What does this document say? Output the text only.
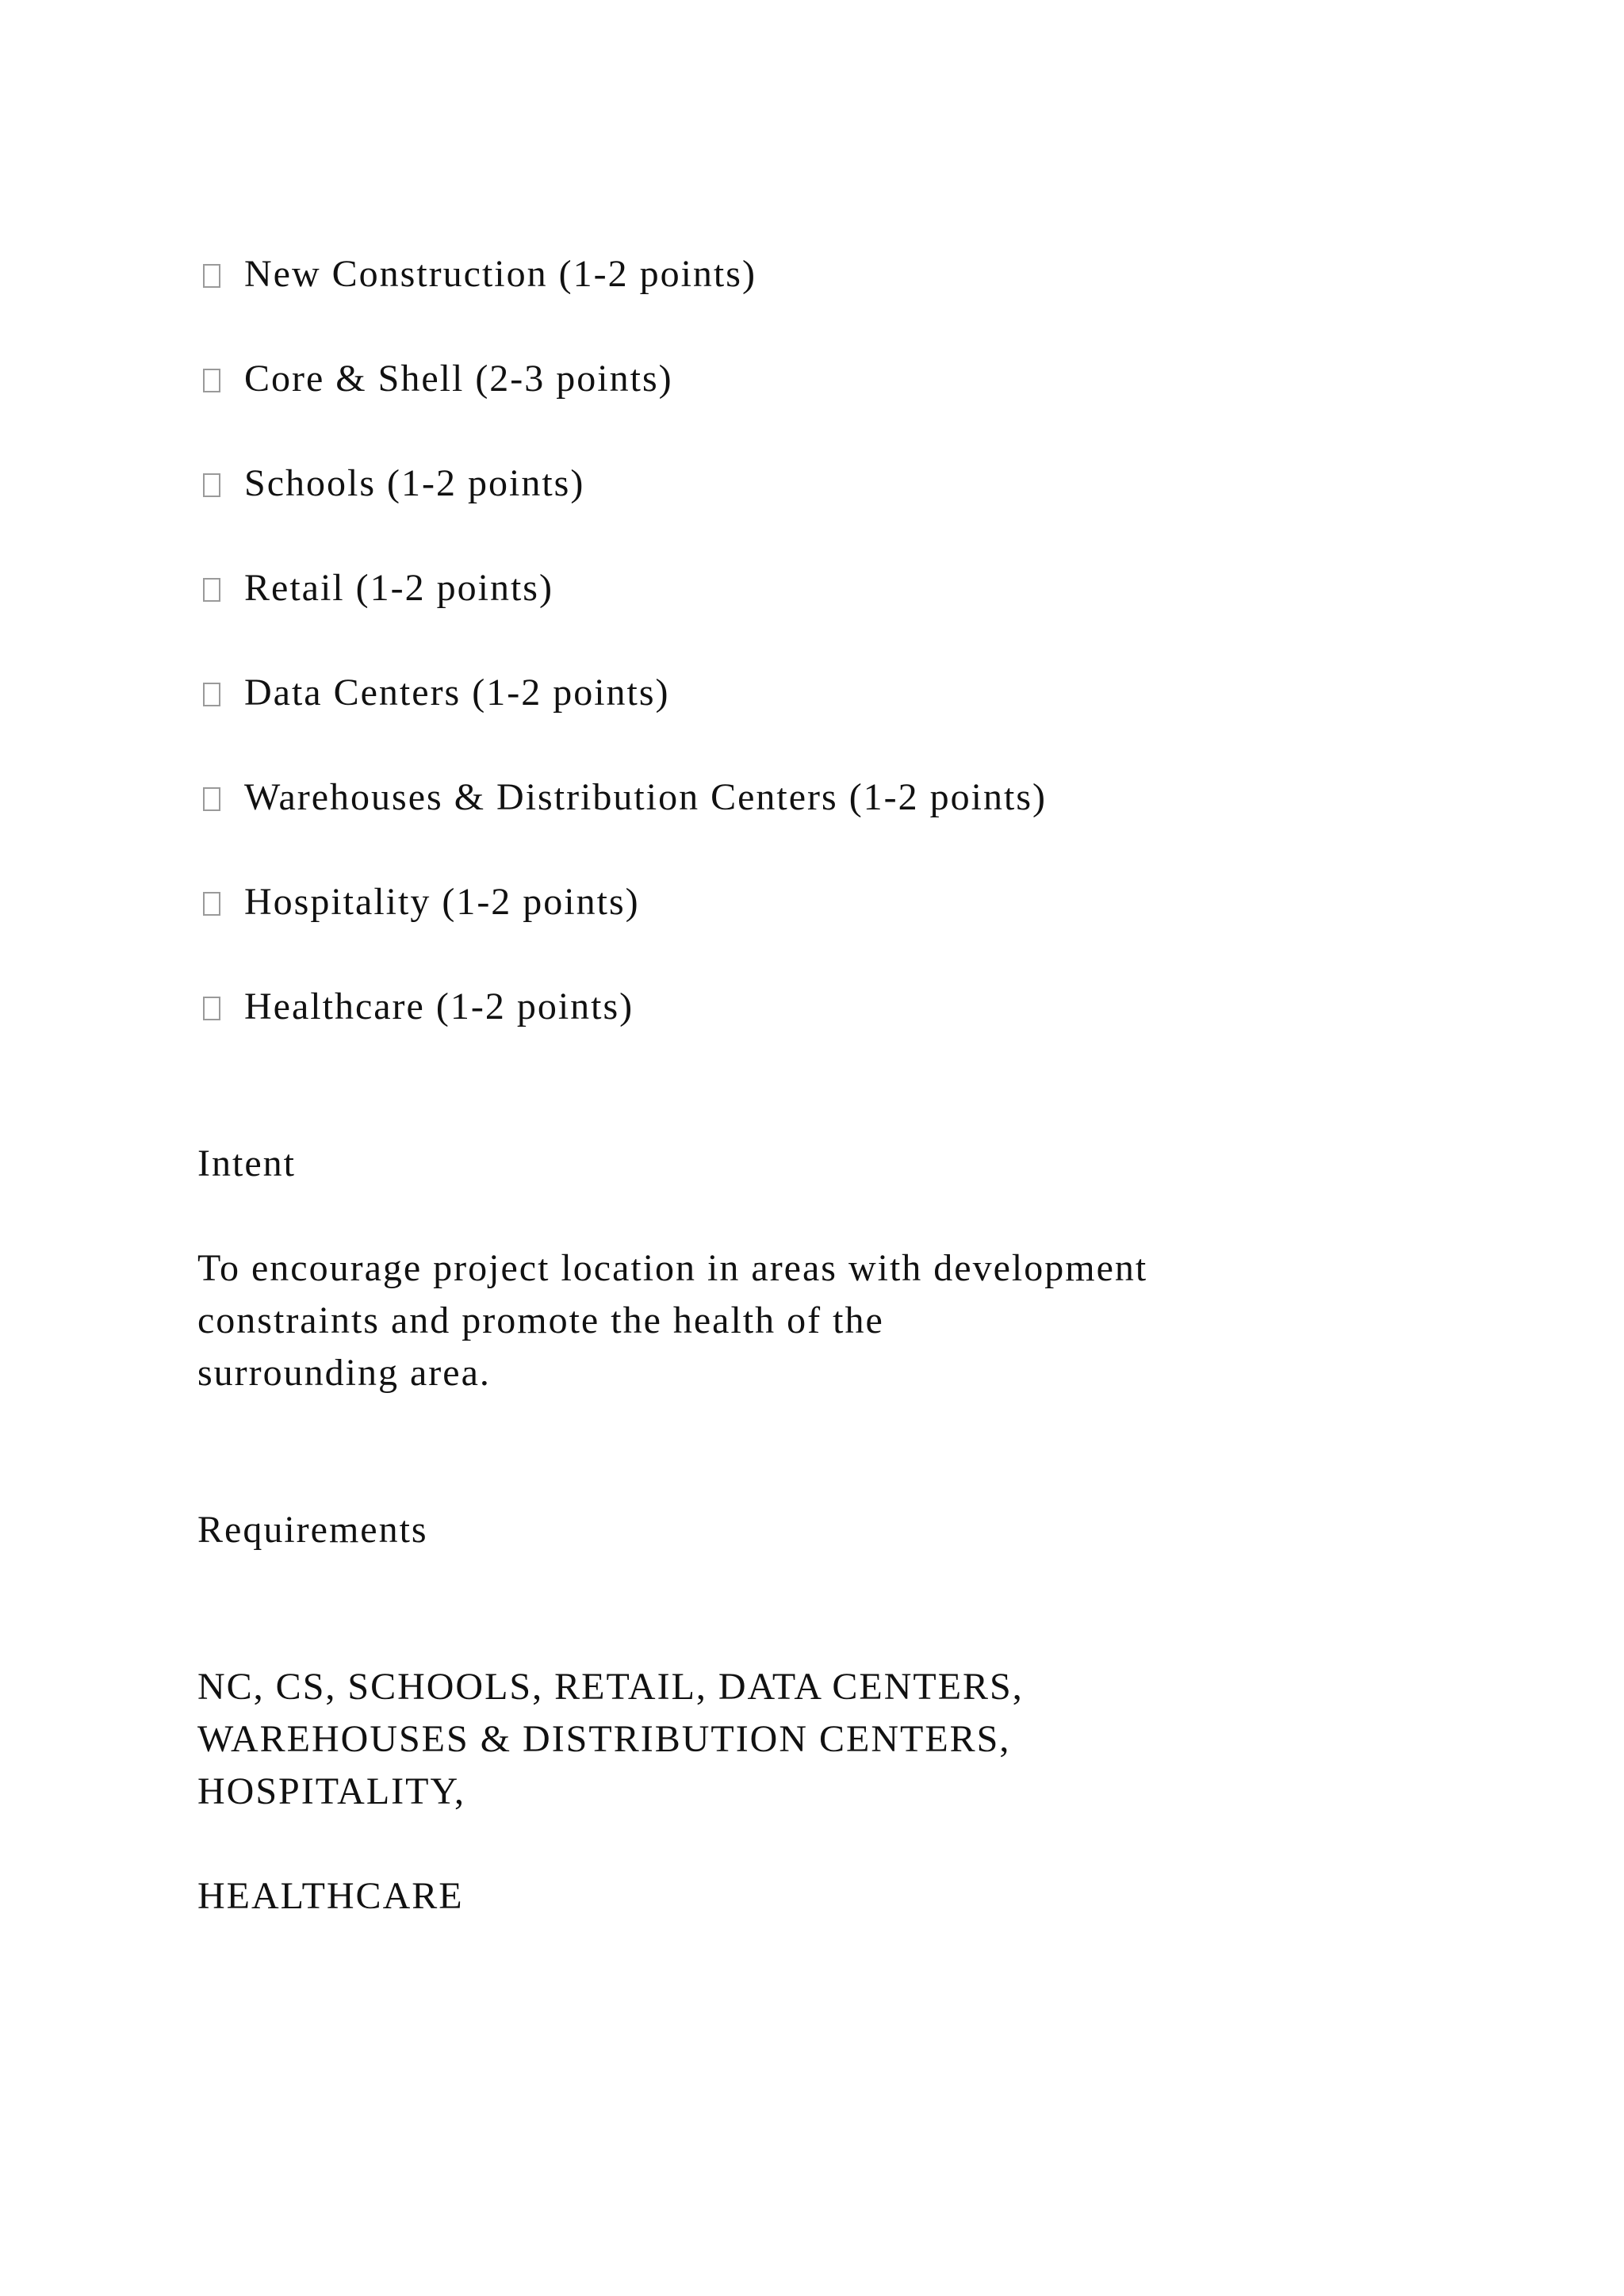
New Construction (1-2 points)
Core & Shell (2-3 points)
Schools (1-2 points)
Retail (1-2 points)
Data Centers (1-2 points)
Warehouses & Distribution Centers (1-2 points)
Hospitality (1-2 points)
Healthcare (1-2 points)
Intent
To encourage project location in areas with development
constraints and promote the health of the
surrounding area.
Requirements
NC, CS, SCHOOLS, RETAIL, DATA CENTERS,
WAREHOUSES & DISTRIBUTION CENTERS,
HOSPITALITY,
HEALTHCARE
